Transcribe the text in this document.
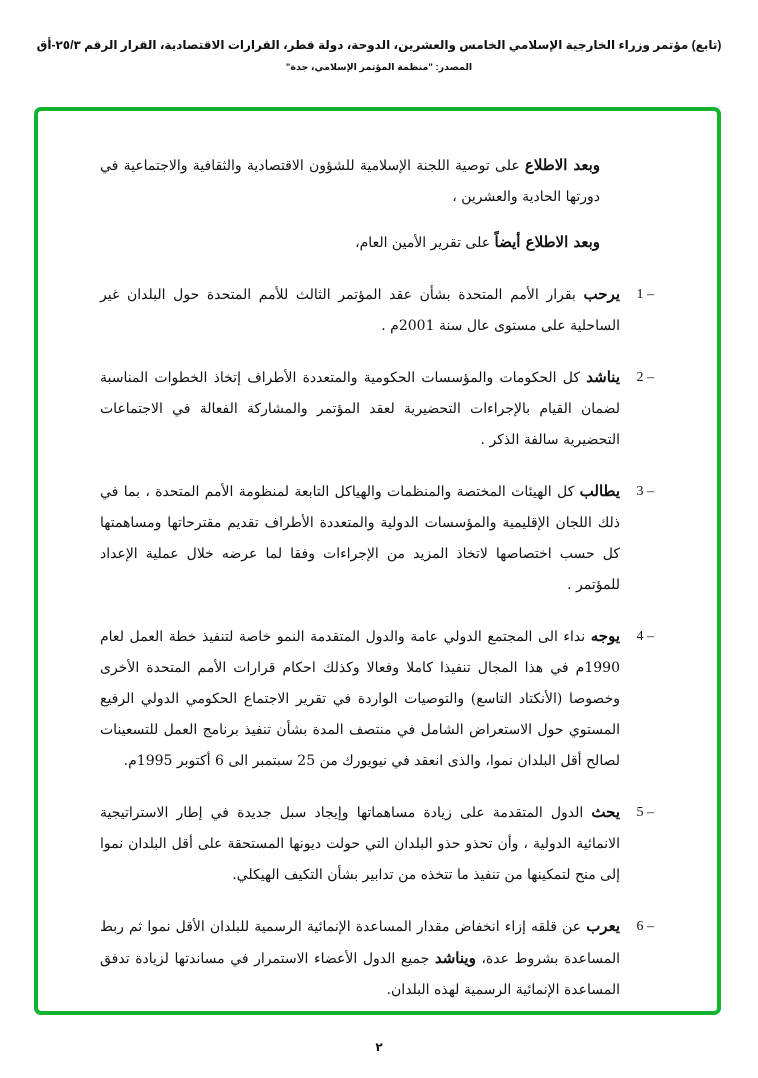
(تابع) مؤتمر وزراء الخارجية الإسلامي الخامس والعشرين، الدوحة، دولة قطر، القرارات الاقتصادية، القرار الرقم ٢٥/٣-أق
المصدر: "منظمة المؤتمر الإسلامي، جدة"

وبعد الاطلاع على توصية اللجنة الإسلامية للشؤون الاقتصادية والثقافية والاجتماعية في دورتها الحادية والعشرين ،

وبعد الاطلاع أيضاً على تقرير الأمين العام،

1 –

يرحب بقرار الأمم المتحدة بشأن عقد المؤتمر الثالث للأمم المتحدة حول البلدان غير الساحلية على مستوى عال سنة 2001م .

2 –

يناشد كل الحكومات والمؤسسات الحكومية والمتعددة الأطراف إتخاذ الخطوات المناسبة لضمان القيام بالإجراءات التحضيرية لعقد المؤتمر والمشاركة الفعالة في الاجتماعات التحضيرية سالفة الذكر .

3 –

يطالب كل الهيئات المختصة والمنظمات والهياكل التابعة لمنظومة الأمم المتحدة ، بما في ذلك اللجان الإقليمية والمؤسسات الدولية والمتعددة الأطراف تقديم مقترحاتها ومساهمتها كل حسب اختصاصها لاتخاذ المزيد من الإجراءات وفقا لما عرضه خلال عملية الإعداد للمؤتمر .

4 –

يوجه نداء الى المجتمع الدولي عامة والدول المتقدمة النمو خاصة لتنفيذ خطة العمل لعام 1990م في هذا المجال تنفيذا كاملا وفعالا وكذلك احكام قرارات الأمم المتحدة الأخرى وخصوصا (الأنكتاد التاسع) والتوصيات الواردة في تقرير الاجتماع الحكومي الدولي الرفيع المستوي حول الاستعراض الشامل في منتصف المدة بشأن تنفيذ برنامج العمل للتسعينات لصالح أقل البلدان نموا، والذى انعقد في نيويورك من 25 سبتمبر الى 6 أكتوبر 1995م.

5 –

يحث الدول المتقدمة على زيادة مساهماتها وإيجاد سبل جديدة في إطار الاستراتيجية الانمائية الدولية ، وأن تحذو حذو البلدان التي حولت ديونها المستحقة على أقل البلدان نموا إلى منح لتمكينها من تنفيذ ما تتخذه من تدابير بشأن التكيف الهيكلي.

6 –

يعرب عن قلقه إزاء انخفاض مقدار المساعدة الإنمائية الرسمية للبلدان الأقل نموا ثم ربط المساعدة بشروط عدة، ويناشد جميع الدول الأعضاء الاستمرار في مساندتها لزيادة تدفق المساعدة الإنمائية الرسمية لهذه البلدان.

٢
